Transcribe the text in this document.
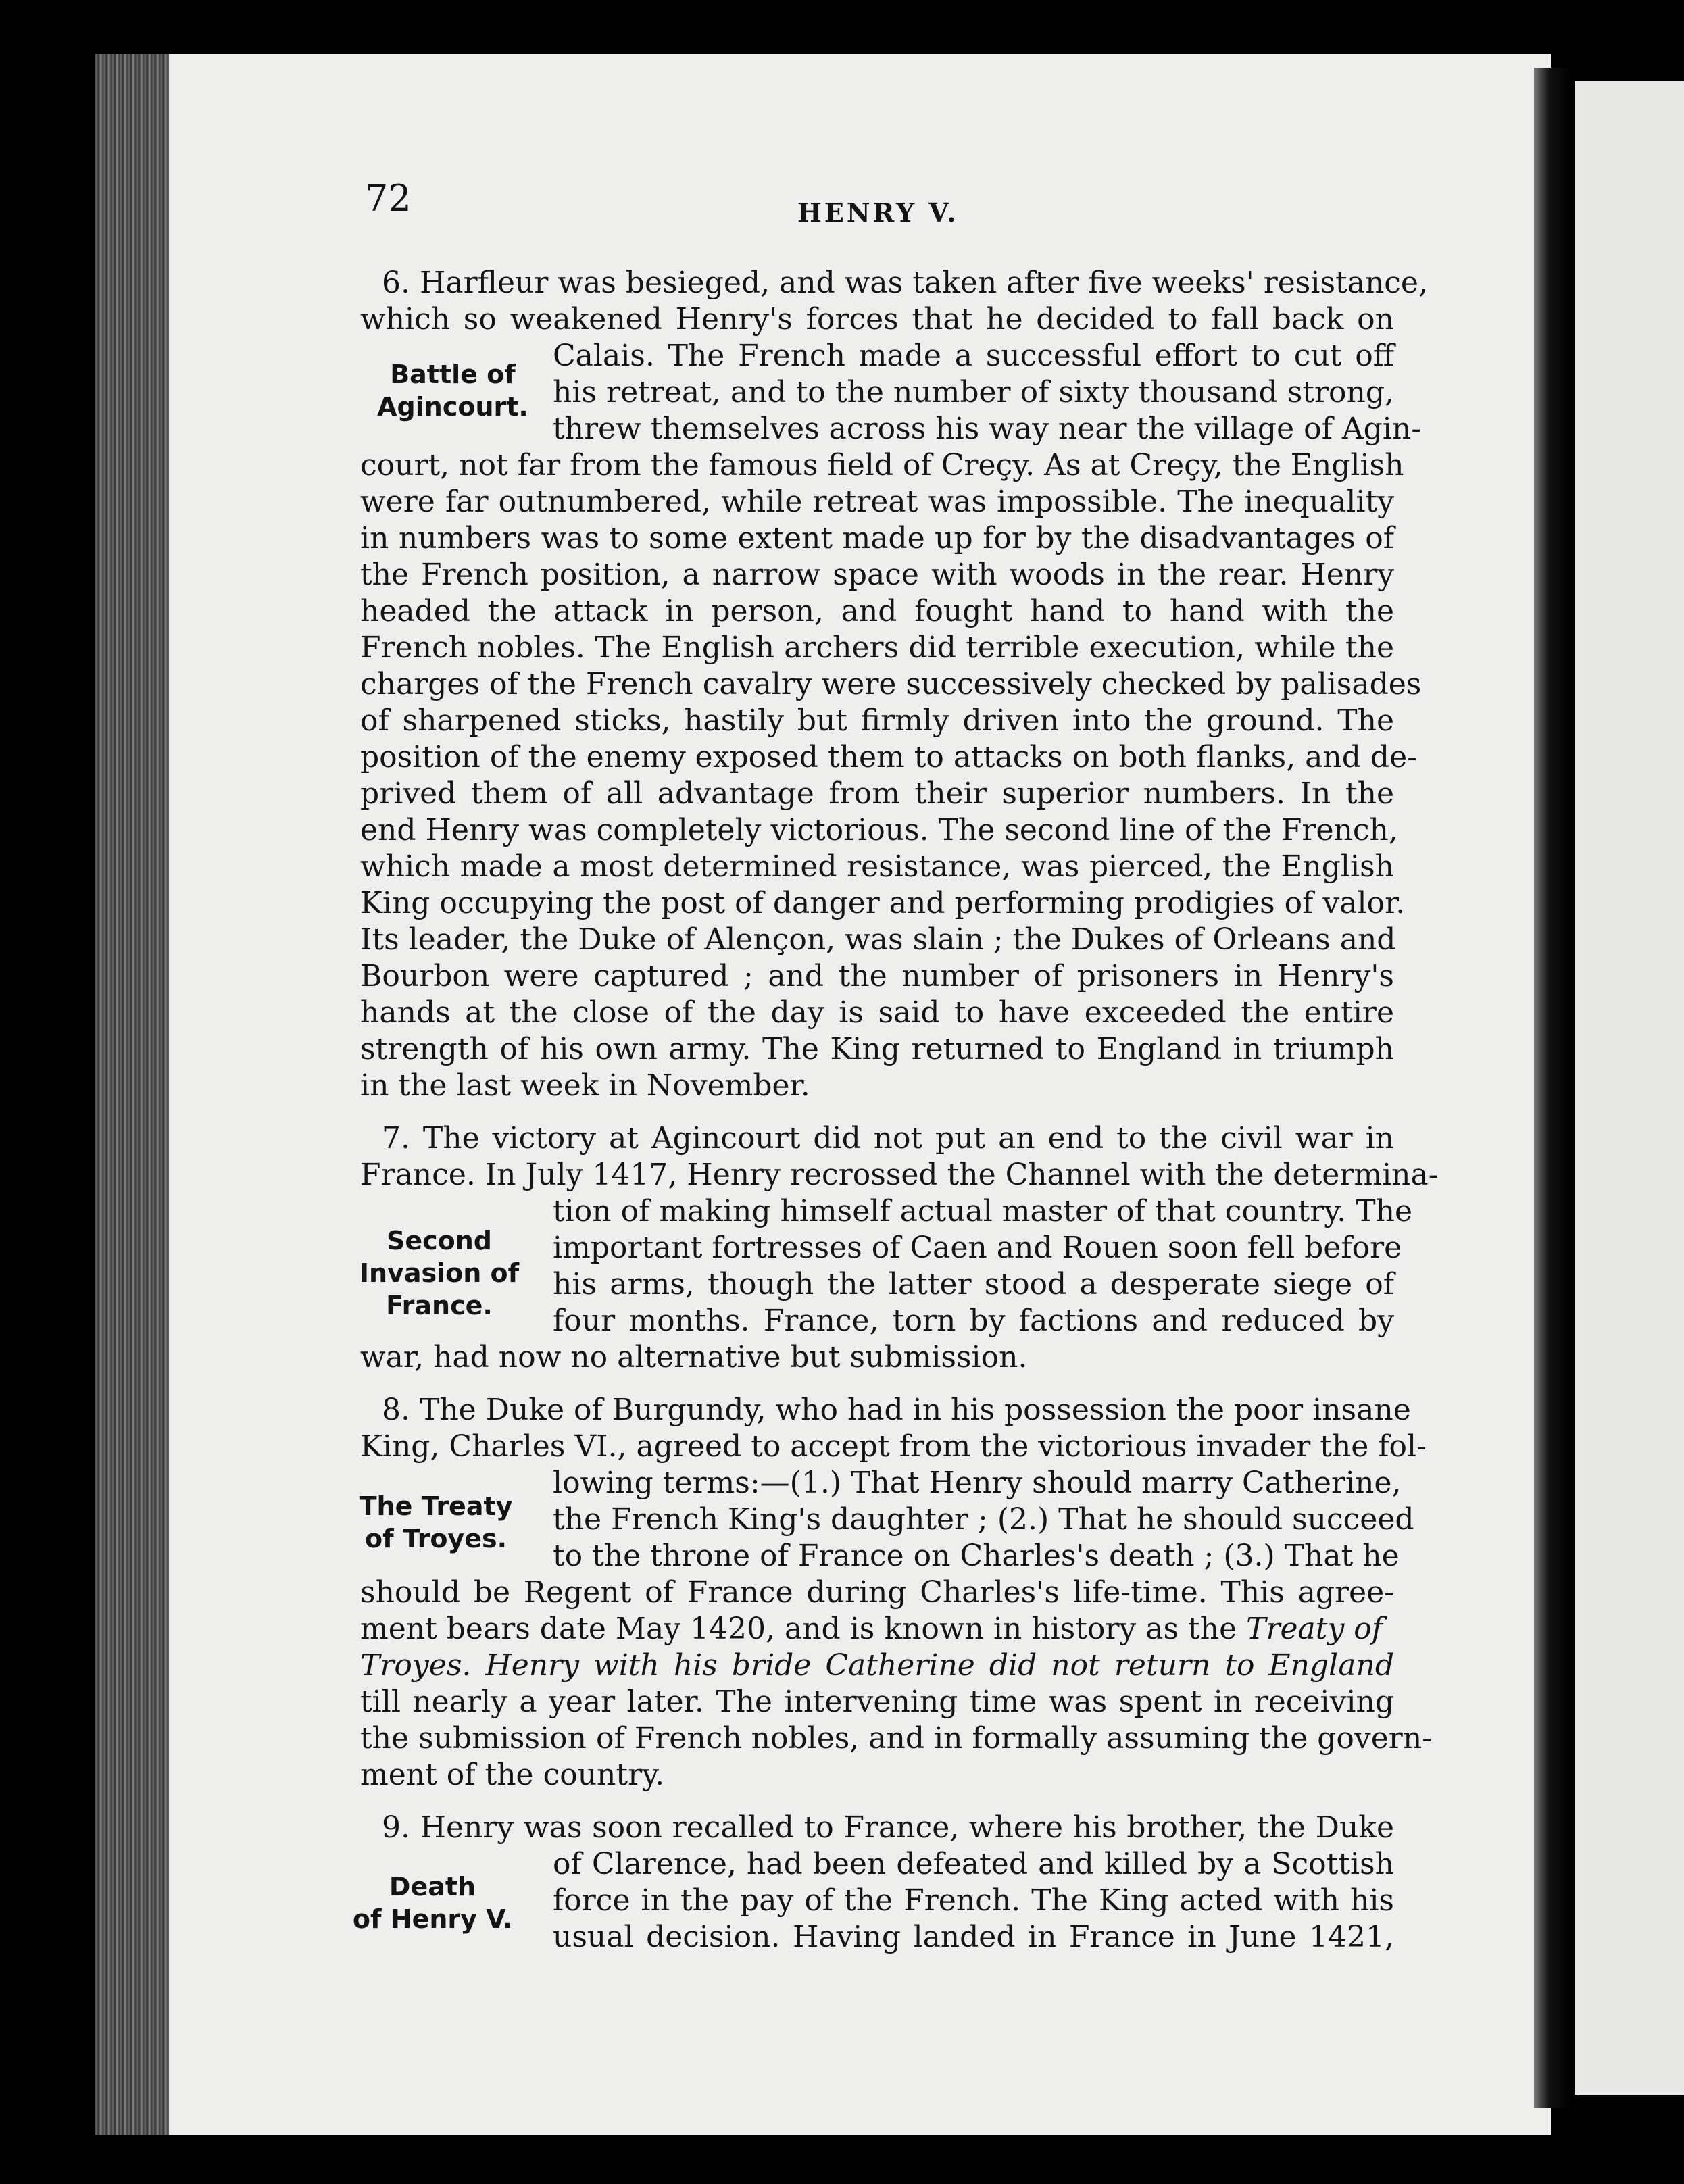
72	HENRY V.
Battle of
Agincourt.
Second
Invasion of
France.
The Treaty
of Troyes.
Death
of Henry V.
6. Harfleur was besieged, and was taken after five weeks' resistance,
which so weakened Henry's forces that he decided to fall back on
Calais. The French made a successful effort to cut off
his retreat, and to the number of sixty thousand strong,
threw themselves across his way near the village of Agin-
court, not far from the famous field of Creçy. As at Creçy, the English
were far outnumbered, while retreat was impossible. The inequality
in numbers was to some extent made up for by the disadvantages of
the French position, a narrow space with woods in the rear. Henry
headed the attack in person, and fought hand to hand with the
French nobles. The English archers did terrible execution, while the
charges of the French cavalry were successively checked by palisades
of sharpened sticks, hastily but firmly driven into the ground. The
position of the enemy exposed them to attacks on both flanks, and de-
prived them of all advantage from their superior numbers. In the
end Henry was completely victorious. The second line of the French,
which made a most determined resistance, was pierced, the English
King occupying the post of danger and performing prodigies of valor.
Its leader, the Duke of Alençon, was slain ; the Dukes of Orleans and
Bourbon were captured ; and the number of prisoners in Henry's
hands at the close of the day is said to have exceeded the entire
strength of his own army. The King returned to England in triumph
in the last week in November.
7. The victory at Agincourt did not put an end to the civil war in
France. In July 1417, Henry recrossed the Channel with the determina-
tion of making himself actual master of that country. The
important fortresses of Caen and Rouen soon fell before
his arms, though the latter stood a desperate siege of
four months. France, torn by factions and reduced by
war, had now no alternative but submission.
8. The Duke of Burgundy, who had in his possession the poor insane
King, Charles VI., agreed to accept from the victorious invader the fol-
lowing terms:—(1.) That Henry should marry Catherine,
the French King's daughter ; (2.) That he should succeed
to the throne of France on Charles's death ; (3.) That he
should be Regent of France during Charles's life-time. This agree-
ment bears date May 1420, and is known in history as the Treaty of
Troyes. Henry with his bride Catherine did not return to England
till nearly a year later. The intervening time was spent in receiving
the submission of French nobles, and in formally assuming the govern-
ment of the country.
9. Henry was soon recalled to France, where his brother, the Duke
of Clarence, had been defeated and killed by a Scottish
force in the pay of the French. The King acted with his
usual decision. Having landed in France in June 1421,
